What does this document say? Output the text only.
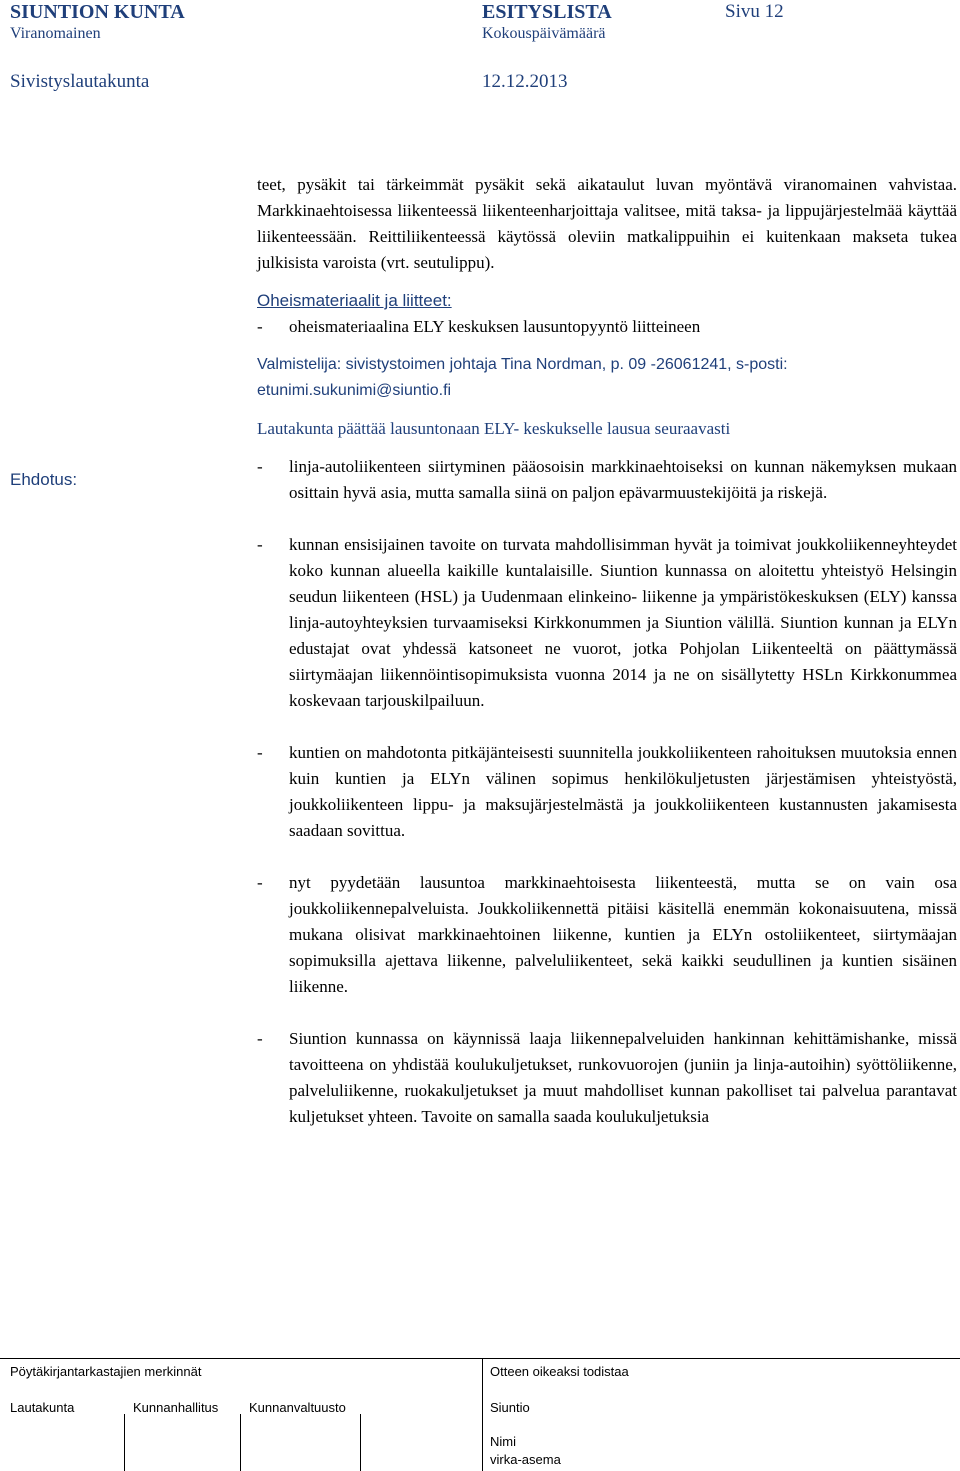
SIUNTION KUNTA
Viranomainen
Sivistyslautakunta
ESITYSLISTA
Kokouspäivämäärä
12.12.2013
Sivu 12

teet, pysäkit tai tärkeimmät pysäkit sekä aikataulut luvan myöntävä viranomainen vahvistaa. Markkinaehtoisessa liikenteessä liikenteenharjoittaja valitsee, mitä taksa- ja lippujärjestelmää käyttää liikenteessään. Reittiliikenteessä käytössä oleviin matkalippuihin ei kuitenkaan makseta tukea julkisista varoista (vrt. seutulippu).

Oheismateriaalit ja liitteet:

-	oheismateriaalina ELY keskuksen lausuntopyyntö liitteineen

Valmistelija: sivistystoimen johtaja Tina Nordman, p. 09 -26061241, s-posti: etunimi.sukunimi@siuntio.fi

Lautakunta päättää lausuntonaan ELY- keskukselle lausua seuraavasti

-	linja-autoliikenteen siirtyminen pääosoisin markkinaehtoiseksi on kunnan näkemyksen mukaan osittain hyvä asia, mutta samalla siinä on paljon epävarmuustekijöitä ja riskejä.
-	kunnan ensisijainen tavoite on turvata mahdollisimman hyvät ja toimivat joukkoliikenneyhteydet koko kunnan alueella kaikille kuntalaisille. Siuntion kunnassa on aloitettu yhteistyö Helsingin seudun liikenteen (HSL) ja Uudenmaan elinkeino- liikenne ja ympäristökeskuksen (ELY) kanssa linja-autoyhteyksien turvaamiseksi Kirkkonummen ja Siuntion välillä. Siuntion kunnan ja ELYn edustajat ovat yhdessä katsoneet ne vuorot, jotka Pohjolan Liikenteeltä on päättymässä siirtymäajan liikennöintisopimuksista vuonna 2014 ja ne on sisällytetty HSLn Kirkkonummea koskevaan tarjouskilpailuun.
-	kuntien on mahdotonta pitkäjänteisesti suunnitella joukkoliikenteen rahoituksen muutoksia ennen kuin kuntien ja ELYn välinen sopimus henkilökuljetusten järjestämisen yhteistyöstä, joukkoliikenteen lippu- ja maksujärjestelmästä ja joukkoliikenteen kustannusten jakamisesta saadaan sovittua.
-	nyt pyydetään lausuntoa markkinaehtoisesta liikenteestä, mutta se on vain osa joukkoliikennepalveluista. Joukkoliikennettä pitäisi käsitellä enemmän kokonaisuutena, missä mukana olisivat markkinaehtoinen liikenne, kuntien ja ELYn ostoliikenteet, siirtymäajan sopimuksilla ajettava liikenne, palveluliikenteet, sekä kaikki seudullinen ja kuntien sisäinen liikenne.
-	Siuntion kunnassa on käynnissä laaja liikennepalveluiden hankinnan kehittämishanke, missä tavoitteena on yhdistää koulukuljetukset, runkovuorojen (juniin ja linja-autoihin) syöttöliikenne, palveluliikenne, ruokakuljetukset ja muut mahdolliset kunnan pakolliset tai palvelua parantavat kuljetukset yhteen. Tavoite on samalla saada koulukuljetuksia
Ehdotus:
Pöytäkirjantarkastajien merkinnät
Lautakunta	Kunnanhallitus Kunnanvaltuusto
Otteen oikeaksi todistaa
Siuntio
Nimi
virka-asema
